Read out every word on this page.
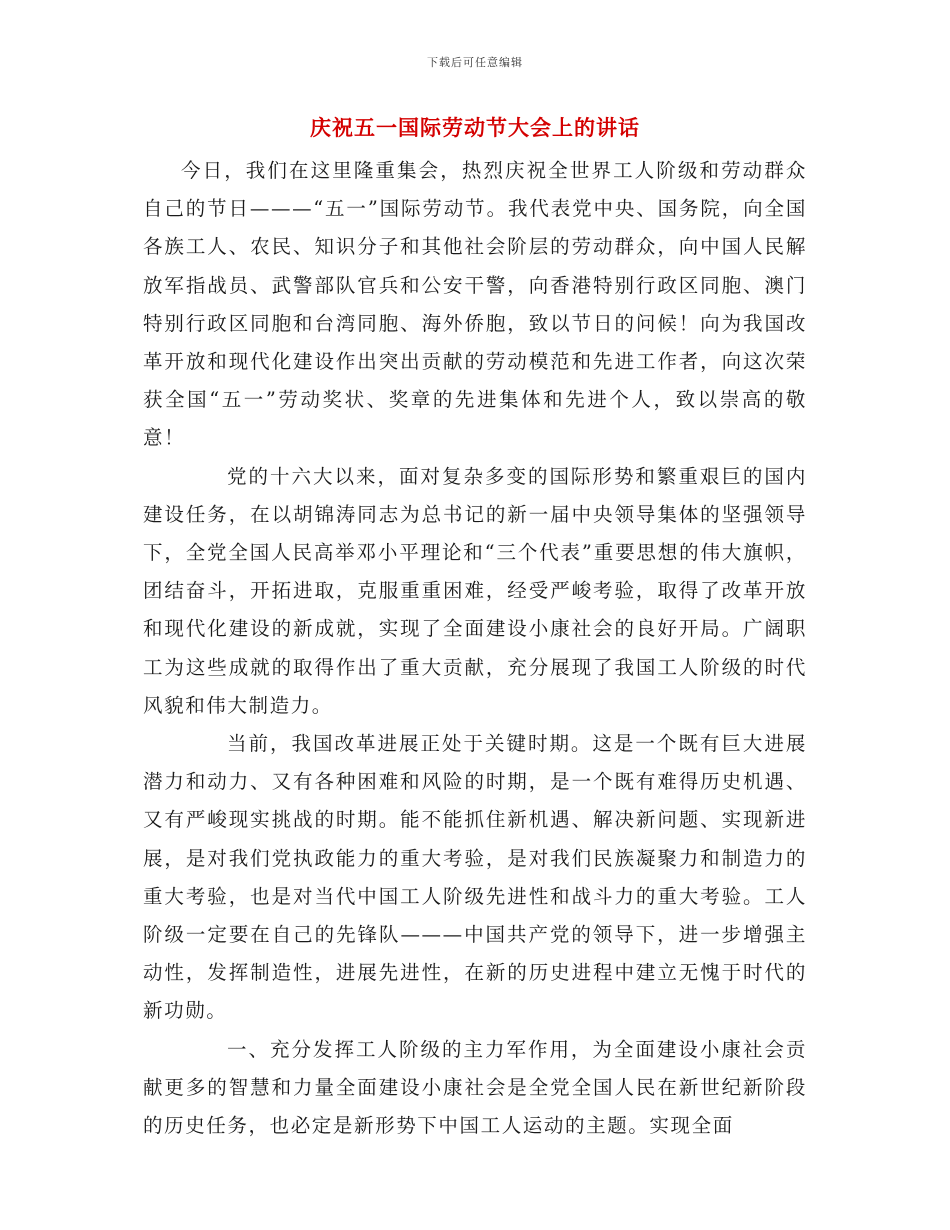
下载后可任意编辑
庆祝五一国际劳动节大会上的讲话

今日，我们在这里隆重集会，热烈庆祝全世界工人阶级和劳动群众自己的节日———“五一”国际劳动节。我代表党中央、国务院，向全国各族工人、农民、知识分子和其他社会阶层的劳动群众，向中国人民解放军指战员、武警部队官兵和公安干警，向香港特别行政区同胞、澳门特别行政区同胞和台湾同胞、海外侨胞，致以节日的问候！向为我国改革开放和现代化建设作出突出贡献的劳动模范和先进工作者，向这次荣获全国“五一”劳动奖状、奖章的先进集体和先进个人，致以崇高的敬意！

党的十六大以来，面对复杂多变的国际形势和繁重艰巨的国内建设任务，在以胡锦涛同志为总书记的新一届中央领导集体的坚强领导下，全党全国人民高举邓小平理论和“三个代表”重要思想的伟大旗帜，团结奋斗，开拓进取，克服重重困难，经受严峻考验，取得了改革开放和现代化建设的新成就，实现了全面建设小康社会的良好开局。广阔职工为这些成就的取得作出了重大贡献，充分展现了我国工人阶级的时代风貌和伟大制造力。

当前，我国改革进展正处于关键时期。这是一个既有巨大进展潜力和动力、又有各种困难和风险的时期，是一个既有难得历史机遇、又有严峻现实挑战的时期。能不能抓住新机遇、解决新问题、实现新进展，是对我们党执政能力的重大考验，是对我们民族凝聚力和制造力的重大考验，也是对当代中国工人阶级先进性和战斗力的重大考验。工人阶级一定要在自己的先锋队———中国共产党的领导下，进一步增强主动性，发挥制造性，进展先进性，在新的历史进程中建立无愧于时代的新功勋。

一、充分发挥工人阶级的主力军作用，为全面建设小康社会贡献更多的智慧和力量全面建设小康社会是全党全国人民在新世纪新阶段的历史任务，也必定是新形势下中国工人运动的主题。实现全面
